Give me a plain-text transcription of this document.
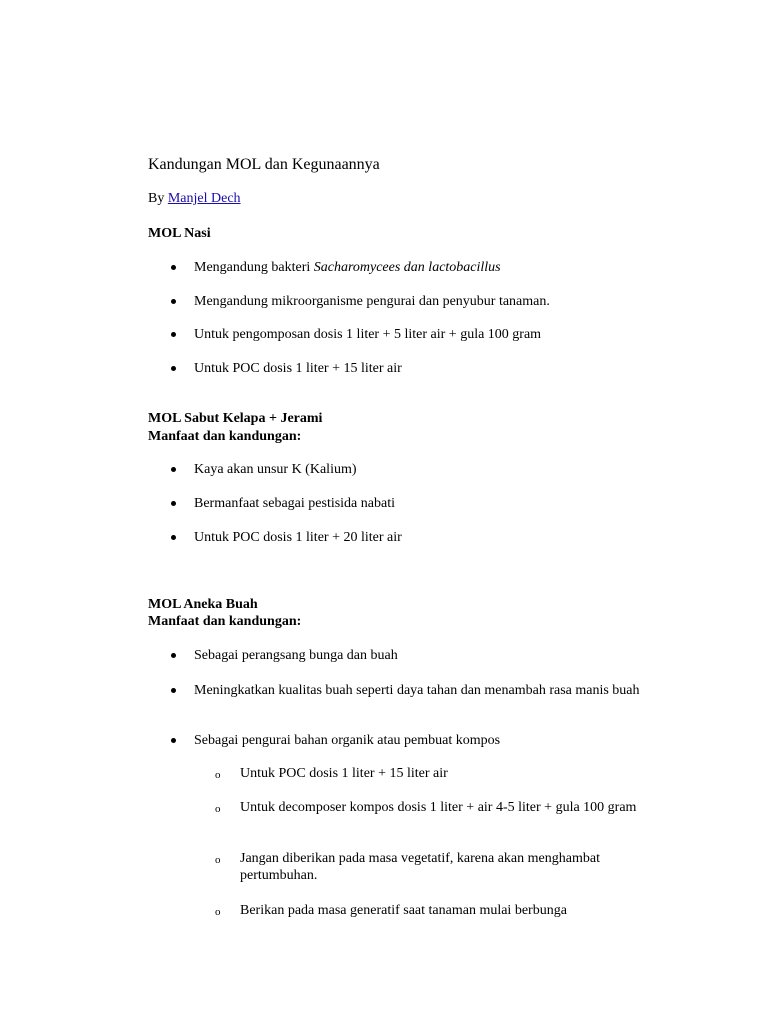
Kandungan MOL dan Kegunaannya
By Manjel Dech
MOL Nasi
Mengandung bakteri Sacharomycees dan lactobacillus
Mengandung mikroorganisme pengurai dan penyubur tanaman.
Untuk pengomposan dosis 1 liter + 5 liter air + gula 100 gram
Untuk POC dosis 1 liter + 15 liter air
MOL Sabut Kelapa + Jerami
Manfaat dan kandungan:
Kaya akan unsur K (Kalium)
Bermanfaat sebagai pestisida nabati
Untuk POC dosis 1 liter + 20 liter air
MOL Aneka Buah
Manfaat dan kandungan:
Sebagai perangsang bunga dan buah
Meningkatkan kualitas buah seperti daya tahan dan menambah rasa manis buah
Sebagai pengurai bahan organik atau pembuat kompos
o Untuk POC dosis 1 liter + 15 liter air
o Untuk decomposer kompos dosis 1 liter + air 4-5 liter + gula 100 gram
o Jangan diberikan pada masa vegetatif, karena akan menghambat pertumbuhan.
o Berikan pada masa generatif saat tanaman mulai berbunga
